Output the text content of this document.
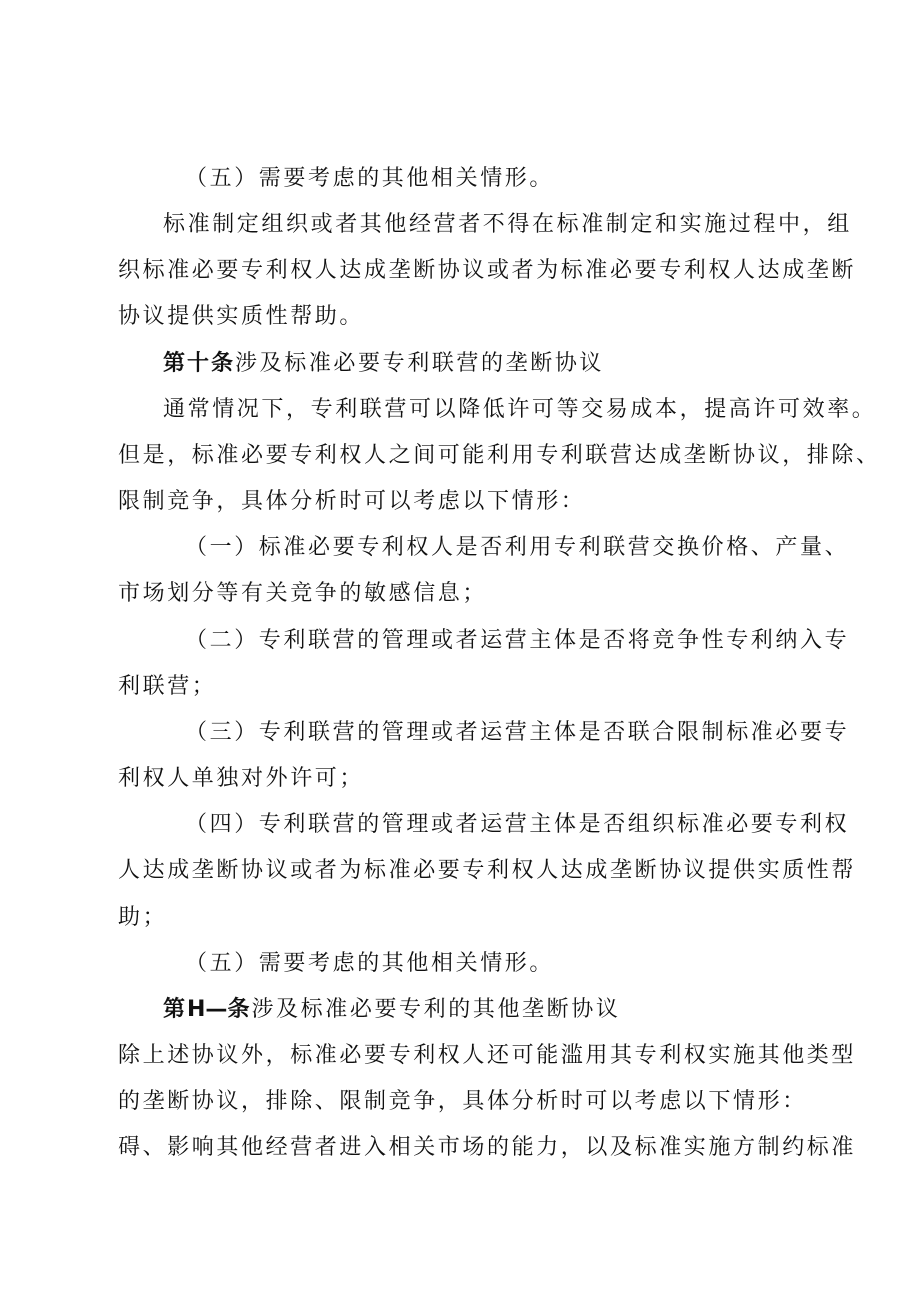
（五）需要考虑的其他相关情形。
标准制定组织或者其他经营者不得在标准制定和实施过程中，组
织标准必要专利权人达成垄断协议或者为标准必要专利权人达成垄断
协议提供实质性帮助。
第十条涉及标准必要专利联营的垄断协议
通常情况下，专利联营可以降低许可等交易成本，提高许可效率。
但是，标准必要专利权人之间可能利用专利联营达成垄断协议，排除、
限制竞争，具体分析时可以考虑以下情形：
（一）标准必要专利权人是否利用专利联营交换价格、产量、
市场划分等有关竞争的敏感信息；
（二）专利联营的管理或者运营主体是否将竞争性专利纳入专
利联营；
（三）专利联营的管理或者运营主体是否联合限制标准必要专
利权人单独对外许可；
（四）专利联营的管理或者运营主体是否组织标准必要专利权
人达成垄断协议或者为标准必要专利权人达成垄断协议提供实质性帮
助；
（五）需要考虑的其他相关情形。
第H—条涉及标准必要专利的其他垄断协议
除上述协议外，标准必要专利权人还可能滥用其专利权实施其他类型
的垄断协议，排除、限制竞争，具体分析时可以考虑以下情形：
碍、影响其他经营者进入相关市场的能力，以及标准实施方制约标准
